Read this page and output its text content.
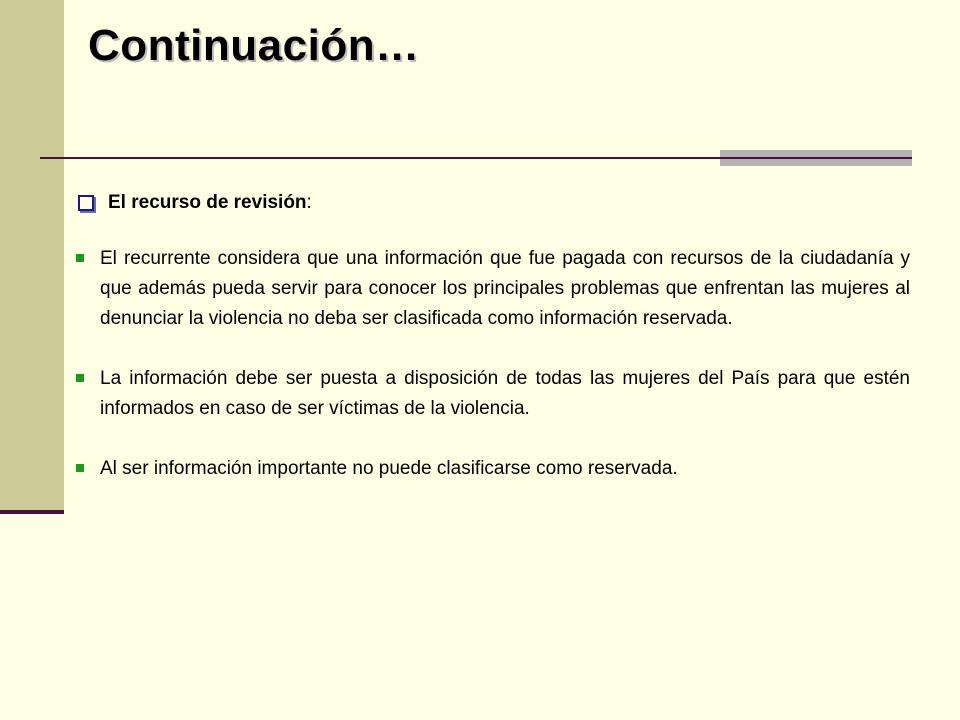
Continuación…
El recurso de revisión :
El recurrente considera que una información que fue pagada con recursos de la ciudadanía y que además pueda servir para conocer los principales problemas que enfrentan las mujeres al denunciar la violencia no deba ser clasificada como información reservada.
La información debe ser puesta a disposición de todas las mujeres del País para que estén informados en caso de ser víctimas de la violencia.
Al ser información importante no puede clasificarse como reservada.
